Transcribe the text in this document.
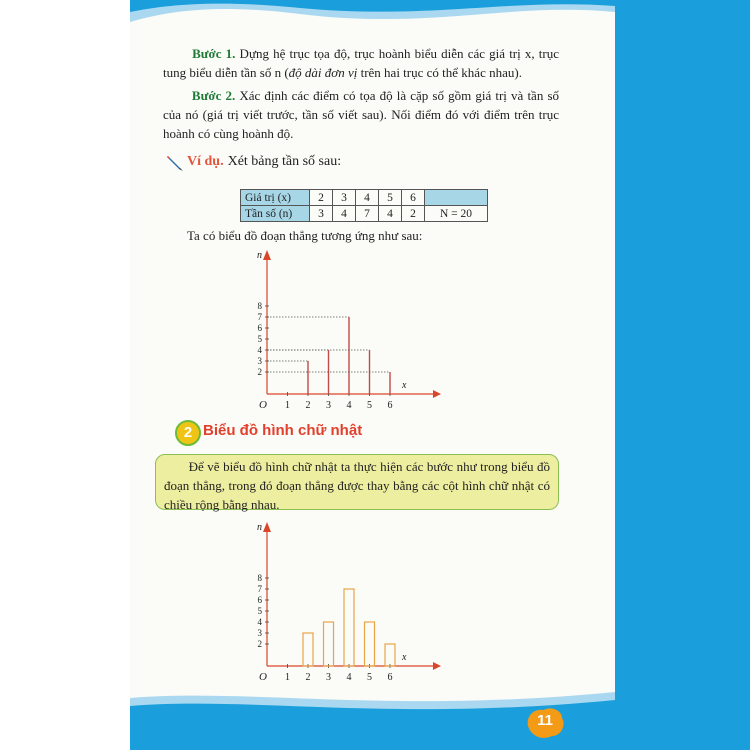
Bước 1. Dựng hệ trục tọa độ, trục hoành biểu diễn các giá trị x, trục tung biểu diễn tần số n (độ dài đơn vị trên hai trục có thể khác nhau).
Bước 2. Xác định các điểm có tọa độ là cặp số gồm giá trị và tần số của nó (giá trị viết trước, tần số viết sau). Nối điểm đó với điểm trên trục hoành có cùng hoành độ.
Ví dụ. Xét bảng tần số sau:
Giá trị (x)	2	3	4	5	6	
Tần số (n)	3	4	7	4	2	N = 20
Ta có biểu đồ đoạn thẳng tương ứng như sau:
n
x
O 1 2 3 4 5 6
2
3
4
5
6
7
8
2 Biểu đồ hình chữ nhật
Để vẽ biểu đồ hình chữ nhật ta thực hiện các bước như trong biểu đồ đoạn thẳng, trong đó đoạn thẳng được thay bằng các cột hình chữ nhật có chiều rộng bằng nhau.
n
x
O 1 2 3 4 5 6
2
3
4
5
6
7
8
11
